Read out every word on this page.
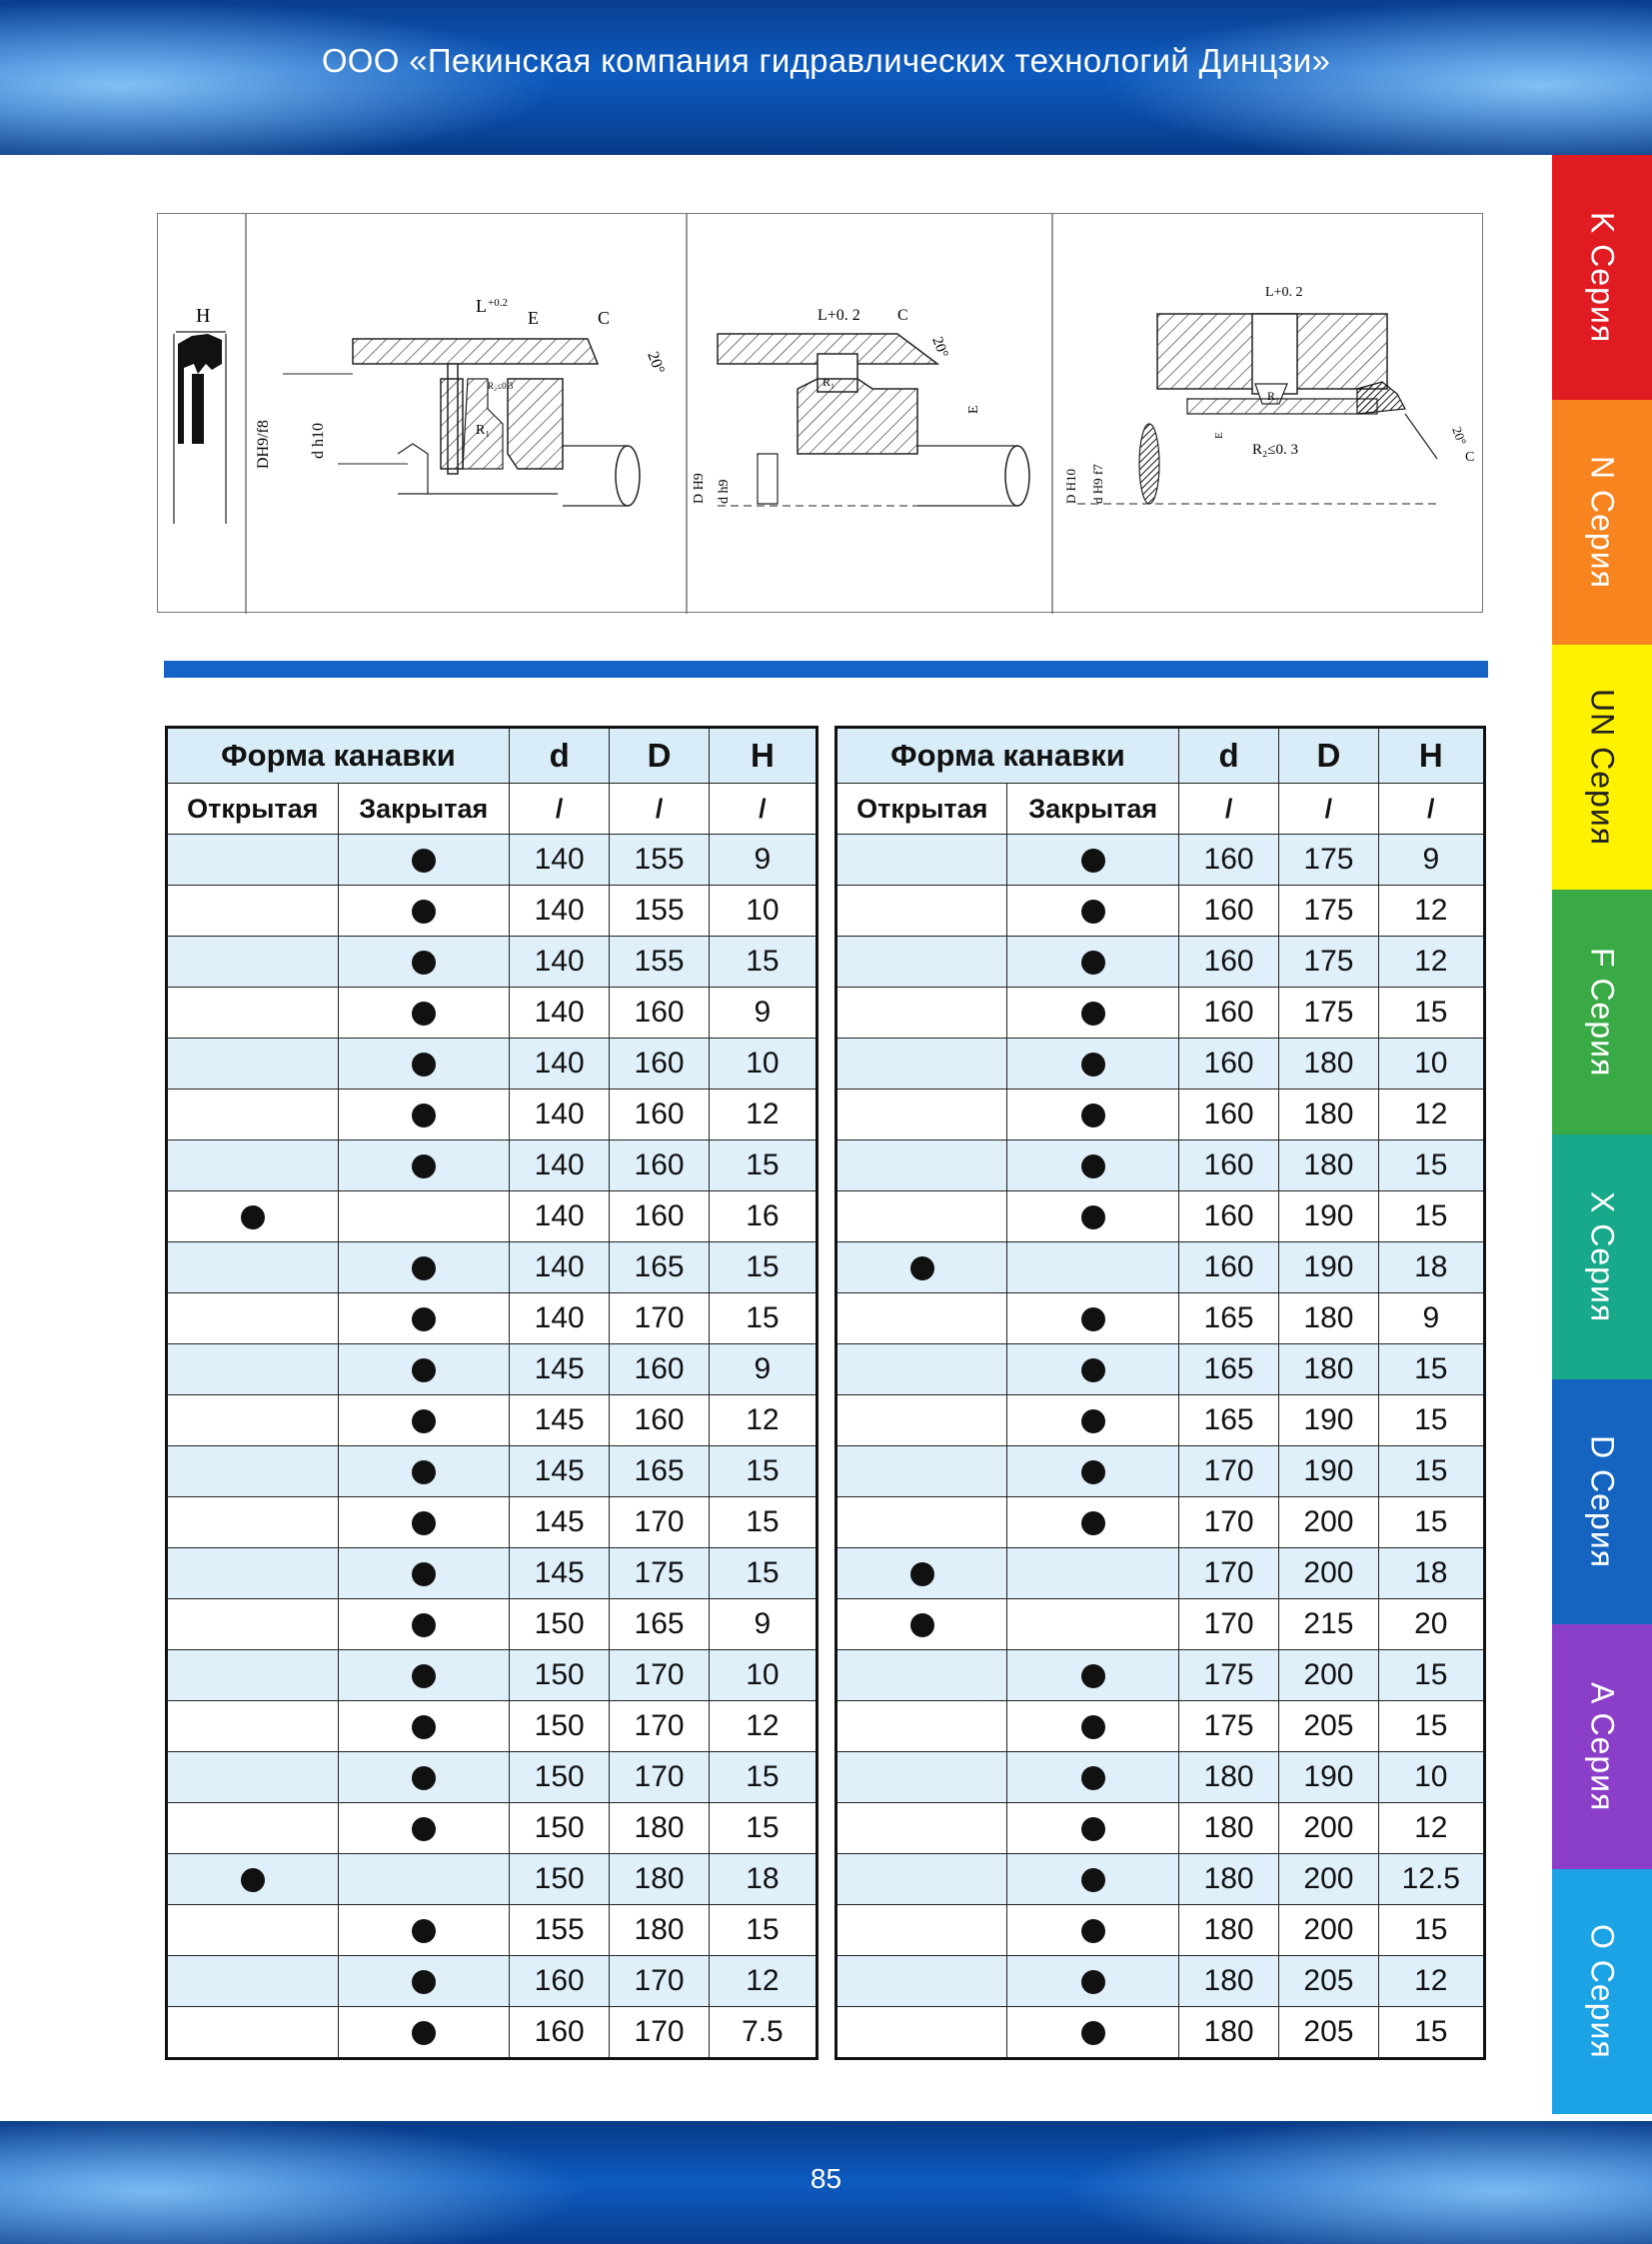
ООО «Пекинская компания гидравлических технологий Динцзи»
K Серия
N Серия
UN Серия
F Серия
X Серия
D Серия
A Серия
O Серия
H	L +0.2
E	C
20°
R₂≤0.3
R₁
DH9/f8 d h10
L+0. 2 C
20°
R₁
E
D H9 d h9
L+0. 2
R₁
E
R₂≤0. 3
20°
C
D H10 d H9 f7
Форма канавки		d	D	H
Открытая	Закрытая	/	/	/
		140	155	9
		140	155	10
		140	155	15
		140	160	9
		140	160	10
		140	160	12
		140	160	15
		140	160	16
		140	165	15
		140	170	15
		145	160	9
		145	160	12
		145	165	15
		145	170	15
		145	175	15
		150	165	9
		150	170	10
		150	170	12
		150	170	15
		150	180	15
		150	180	18
		155	180	15
		160	170	12
		160	170	7.5
Форма канавки		d	D	H
Открытая	Закрытая	/	/	/
		160	175	9
		160	175	12
		160	175	12
		160	175	15
		160	180	10
		160	180	12
		160	180	15
		160	190	15
		160	190	18
		165	180	9
		165	180	15
		165	190	15
		170	190	15
		170	200	15
		170	200	18
		170	215	20
		175	200	15
		175	205	15
		180	190	10
		180	200	12
		180	200	12.5
		180	200	15
		180	205	12
		180	205	15
85
